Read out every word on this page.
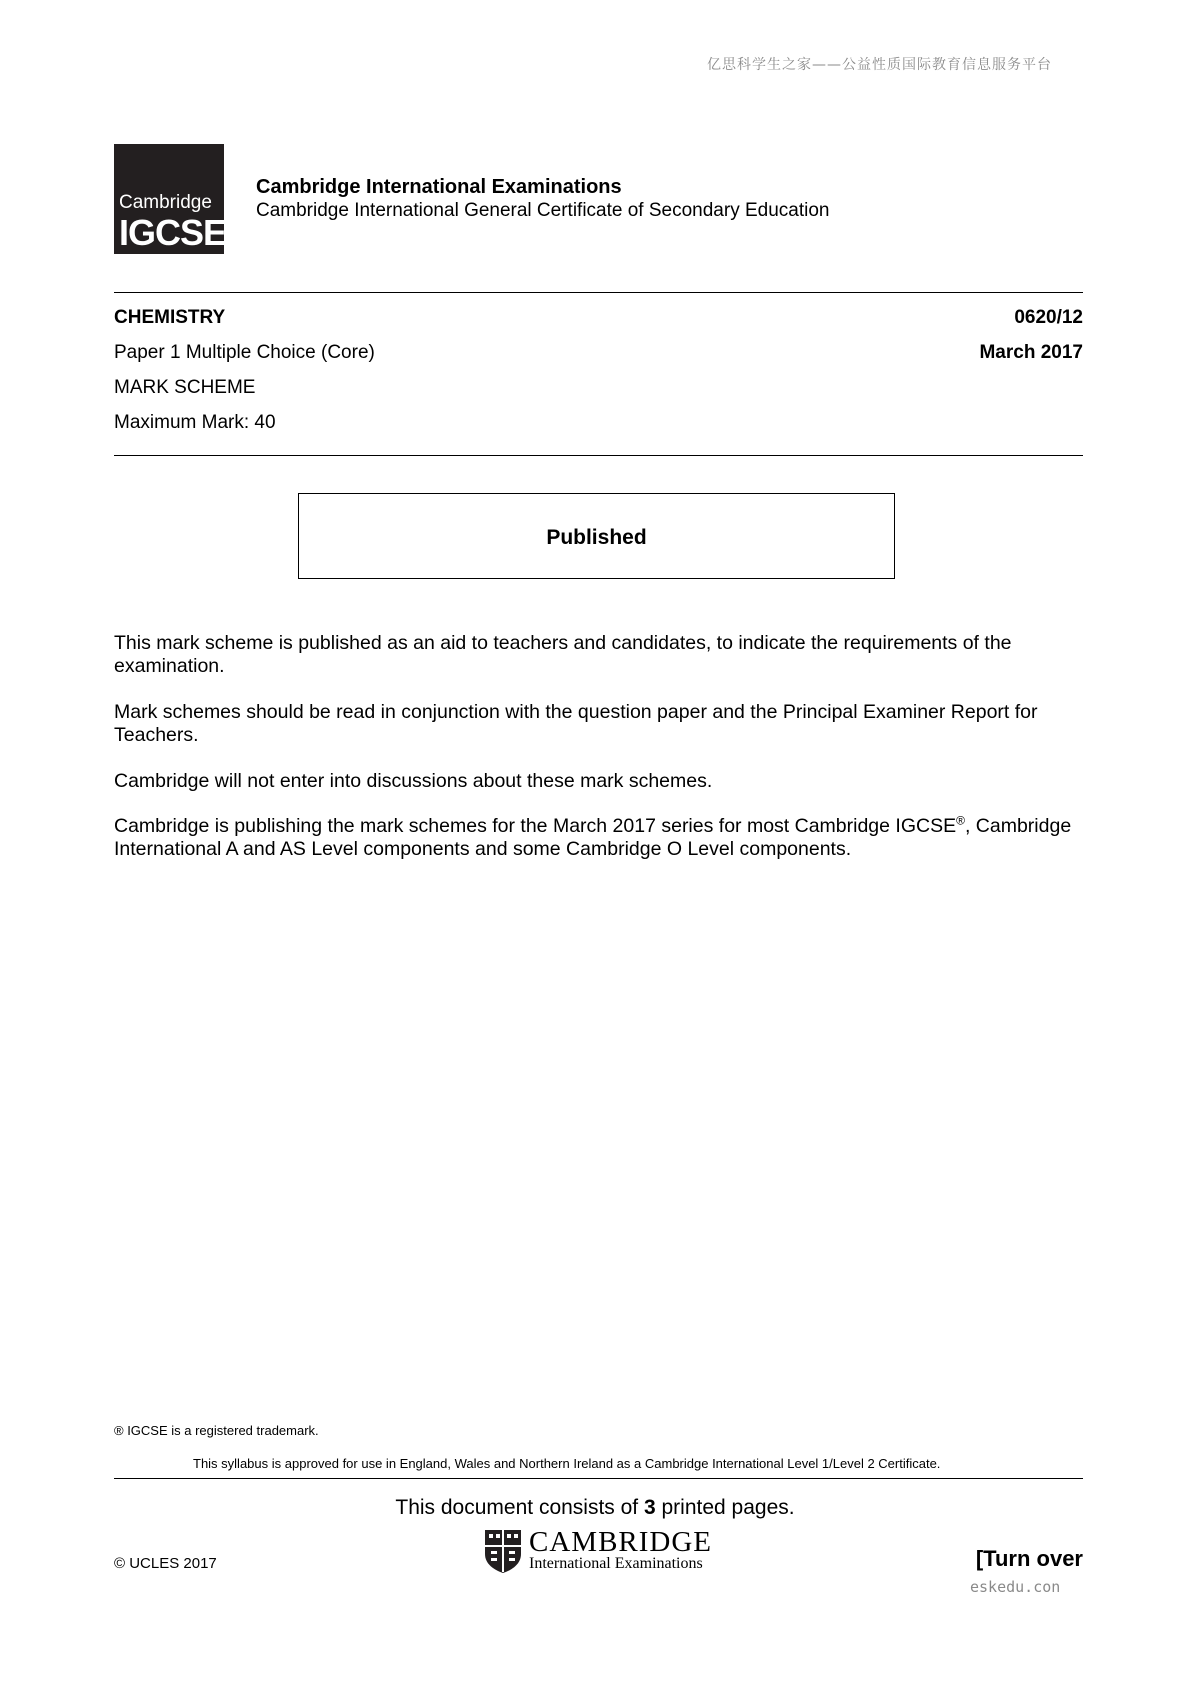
亿思科学生之家——公益性质国际教育信息服务平台
Cambridge
IGCSE
Cambridge International Examinations
Cambridge International General Certificate of Secondary Education
CHEMISTRY	0620/12
Paper 1 Multiple Choice (Core)	March 2017
MARK SCHEME
Maximum Mark: 40
Published
This mark scheme is published as an aid to teachers and candidates, to indicate the requirements of the examination.
Mark schemes should be read in conjunction with the question paper and the Principal Examiner Report for Teachers.
Cambridge will not enter into discussions about these mark schemes.
Cambridge is publishing the mark schemes for the March 2017 series for most Cambridge IGCSE®, Cambridge International A and AS Level components and some Cambridge O Level components.
® IGCSE is a registered trademark.
This syllabus is approved for use in England, Wales and Northern Ireland as a Cambridge International Level 1/Level 2 Certificate.
This document consists of 3 printed pages.
CAMBRIDGE
International Examinations
© UCLES 2017	[Turn over
eskedu.con
